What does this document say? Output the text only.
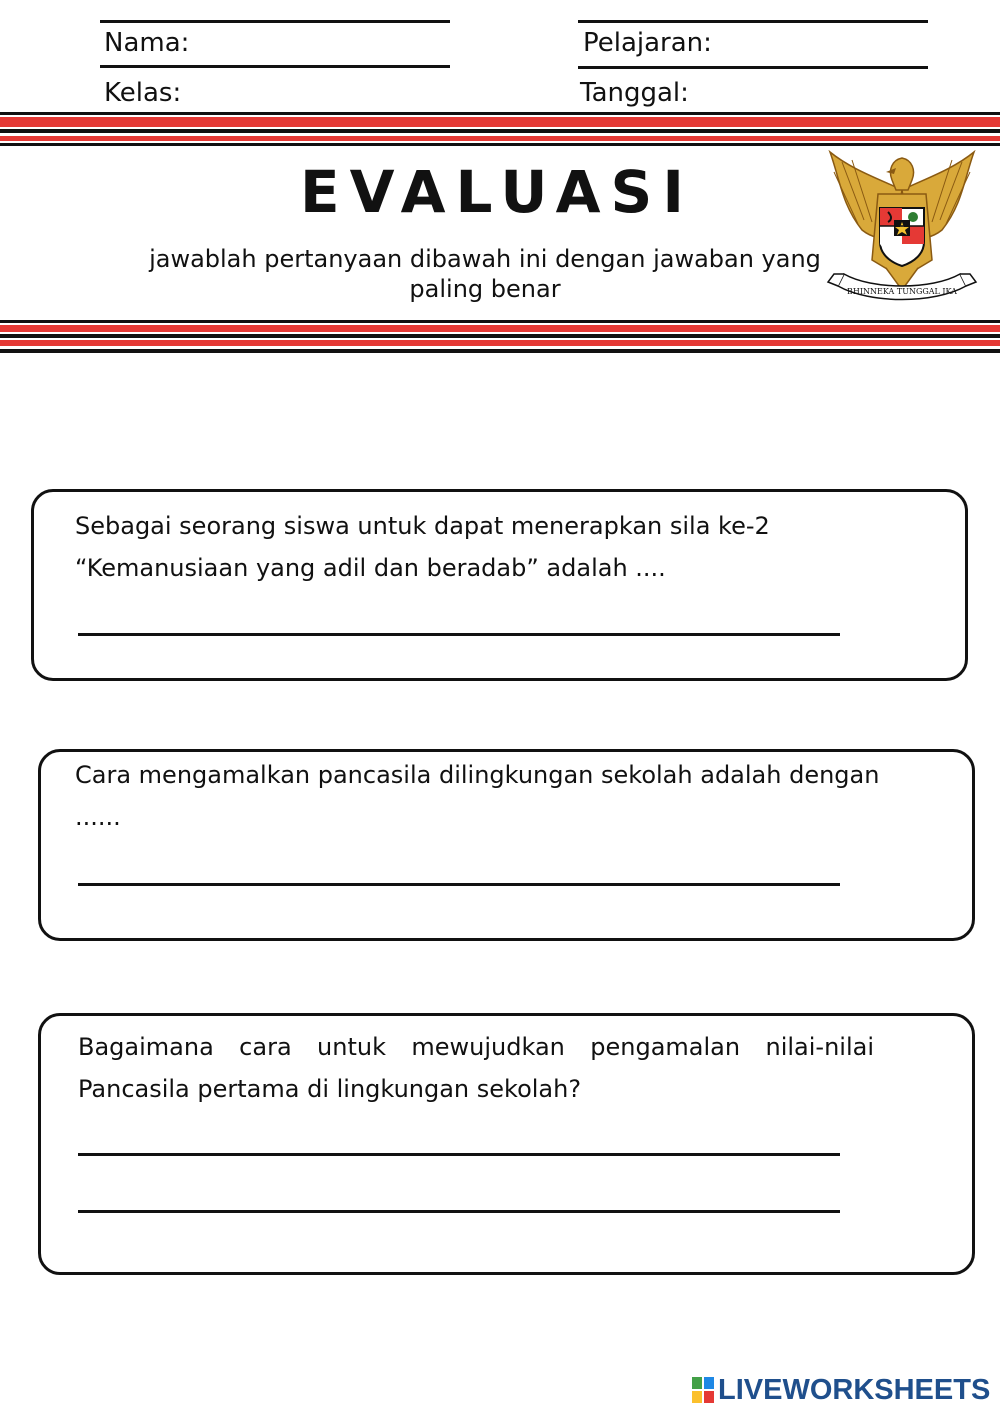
Nama:
Kelas:
Pelajaran:
Tanggal:
EVALUASI
jawablah pertanyaan dibawah ini dengan jawaban yang paling benar	BHINNEKA TUNGGAL IKA
Sebagai seorang siswa untuk dapat menerapkan sila ke-2 “Kemanusiaan yang adil dan beradab” adalah ....
Cara mengamalkan pancasila dilingkungan sekolah adalah dengan ......
Bagaimana cara untuk mewujudkan pengamalan nilai-nilai Pancasila pertama di lingkungan sekolah?
LIVEWORKSHEETS
